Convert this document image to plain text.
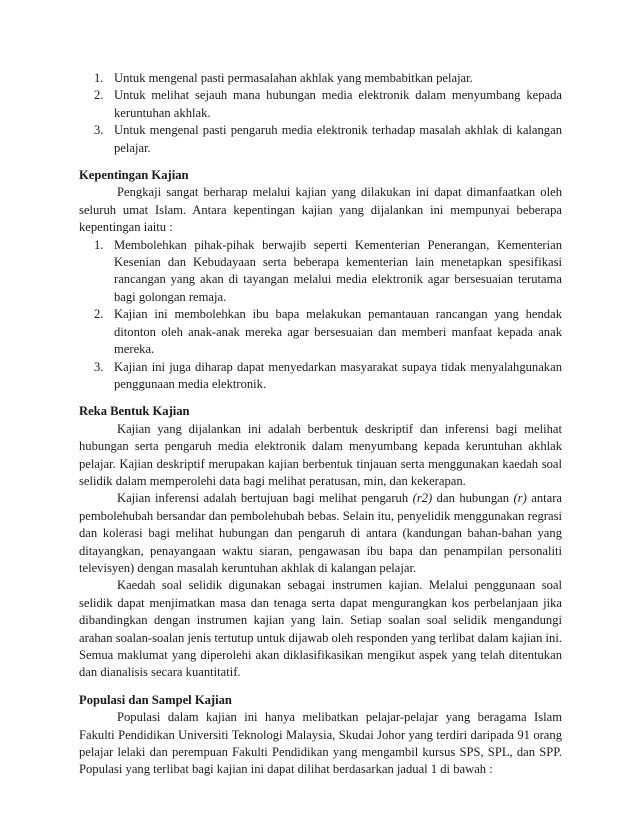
1. Untuk mengenal pasti permasalahan akhlak yang membabitkan pelajar.
2. Untuk melihat sejauh mana hubungan media elektronik dalam menyumbang kepada keruntuhan akhlak.
3. Untuk mengenal pasti pengaruh media elektronik terhadap masalah akhlak di kalangan pelajar.
Kepentingan Kajian

Pengkaji sangat berharap melalui kajian yang dilakukan ini dapat dimanfaatkan oleh seluruh umat Islam. Antara kepentingan kajian yang dijalankan ini mempunyai beberapa kepentingan iaitu :

1. Membolehkan pihak-pihak berwajib seperti Kementerian Penerangan, Kementerian Kesenian dan Kebudayaan serta beberapa kementerian lain menetapkan spesifikasi rancangan yang akan di tayangan melalui media elektronik agar bersesuaian terutama bagi golongan remaja.
2. Kajian ini membolehkan ibu bapa melakukan pemantauan rancangan yang hendak ditonton oleh anak-anak mereka agar bersesuaian dan memberi manfaat kepada anak mereka.
3. Kajian ini juga diharap dapat menyedarkan masyarakat supaya tidak menyalahgunakan penggunaan media elektronik.
Reka Bentuk Kajian

Kajian yang dijalankan ini adalah berbentuk deskriptif dan inferensi bagi melihat hubungan serta pengaruh media elektronik dalam menyumbang kepada keruntuhan akhlak pelajar. Kajian deskriptif merupakan kajian berbentuk tinjauan serta menggunakan kaedah soal selidik dalam memperolehi data bagi melihat peratusan, min, dan kekerapan.

Kajian inferensi adalah bertujuan bagi melihat pengaruh (r2) dan hubungan (r) antara pembolehubah bersandar dan pembolehubah bebas. Selain itu, penyelidik menggunakan regrasi dan kolerasi bagi melihat hubungan dan pengaruh di antara (kandungan bahan-bahan yang ditayangkan, penayangaan waktu siaran, pengawasan ibu bapa dan penampilan personaliti televisyen) dengan masalah keruntuhan akhlak di kalangan pelajar.

Kaedah soal selidik digunakan sebagai instrumen kajian. Melalui penggunaan soal selidik dapat menjimatkan masa dan tenaga serta dapat mengurangkan kos perbelanjaan jika dibandingkan dengan instrumen kajian yang lain. Setiap soalan soal selidik mengandungi arahan soalan-soalan jenis tertutup untuk dijawab oleh responden yang terlibat dalam kajian ini. Semua maklumat yang diperolehi akan diklasifikasikan mengikut aspek yang telah ditentukan dan dianalisis secara kuantitatif.

Populasi dan Sampel Kajian

Populasi dalam kajian ini hanya melibatkan pelajar-pelajar yang beragama Islam Fakulti Pendidikan Universiti Teknologi Malaysia, Skudai Johor yang terdiri daripada 91 orang pelajar lelaki dan perempuan Fakulti Pendidikan yang mengambil kursus SPS, SPL, dan SPP. Populasi yang terlibat bagi kajian ini dapat dilihat berdasarkan jadual 1 di bawah :
